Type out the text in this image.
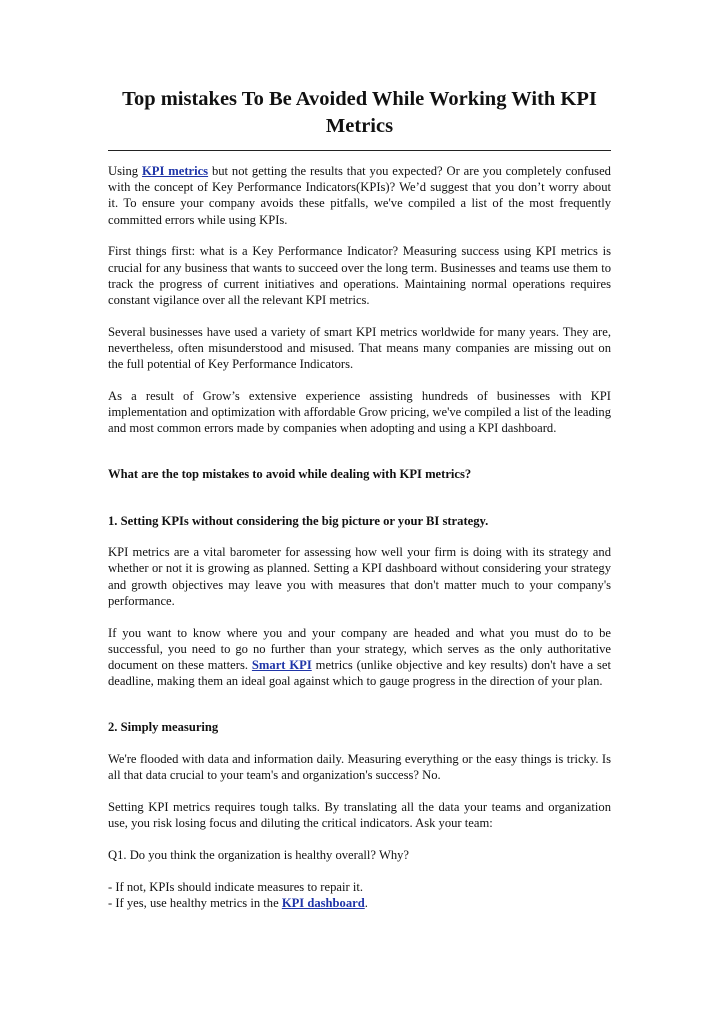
Top mistakes To Be Avoided While Working With KPI Metrics

Using KPI metrics but not getting the results that you expected? Or are you completely confused with the concept of Key Performance Indicators(KPIs)? We’d suggest that you don’t worry about it. To ensure your company avoids these pitfalls, we've compiled a list of the most frequently committed errors while using KPIs.

First things first: what is a Key Performance Indicator? Measuring success using KPI metrics is crucial for any business that wants to succeed over the long term. Businesses and teams use them to track the progress of current initiatives and operations. Maintaining normal operations requires constant vigilance over all the relevant KPI metrics.

Several businesses have used a variety of smart KPI metrics worldwide for many years. They are, nevertheless, often misunderstood and misused. That means many companies are missing out on the full potential of Key Performance Indicators.

As a result of Grow’s extensive experience assisting hundreds of businesses with KPI implementation and optimization with affordable Grow pricing, we've compiled a list of the leading and most common errors made by companies when adopting and using a KPI dashboard.

What are the top mistakes to avoid while dealing with KPI metrics?

1. Setting KPIs without considering the big picture or your BI strategy.

KPI metrics are a vital barometer for assessing how well your firm is doing with its strategy and whether or not it is growing as planned. Setting a KPI dashboard without considering your strategy and growth objectives may leave you with measures that don't matter much to your company's performance.

If you want to know where you and your company are headed and what you must do to be successful, you need to go no further than your strategy, which serves as the only authoritative document on these matters. Smart KPI metrics (unlike objective and key results) don't have a set deadline, making them an ideal goal against which to gauge progress in the direction of your plan.

2. Simply measuring

We're flooded with data and information daily. Measuring everything or the easy things is tricky. Is all that data crucial to your team's and organization's success? No.

Setting KPI metrics requires tough talks. By translating all the data your teams and organization use, you risk losing focus and diluting the critical indicators. Ask your team:

Q1. Do you think the organization is healthy overall? Why?

- If not, KPIs should indicate measures to repair it.
- If yes, use healthy metrics in the KPI dashboard.
